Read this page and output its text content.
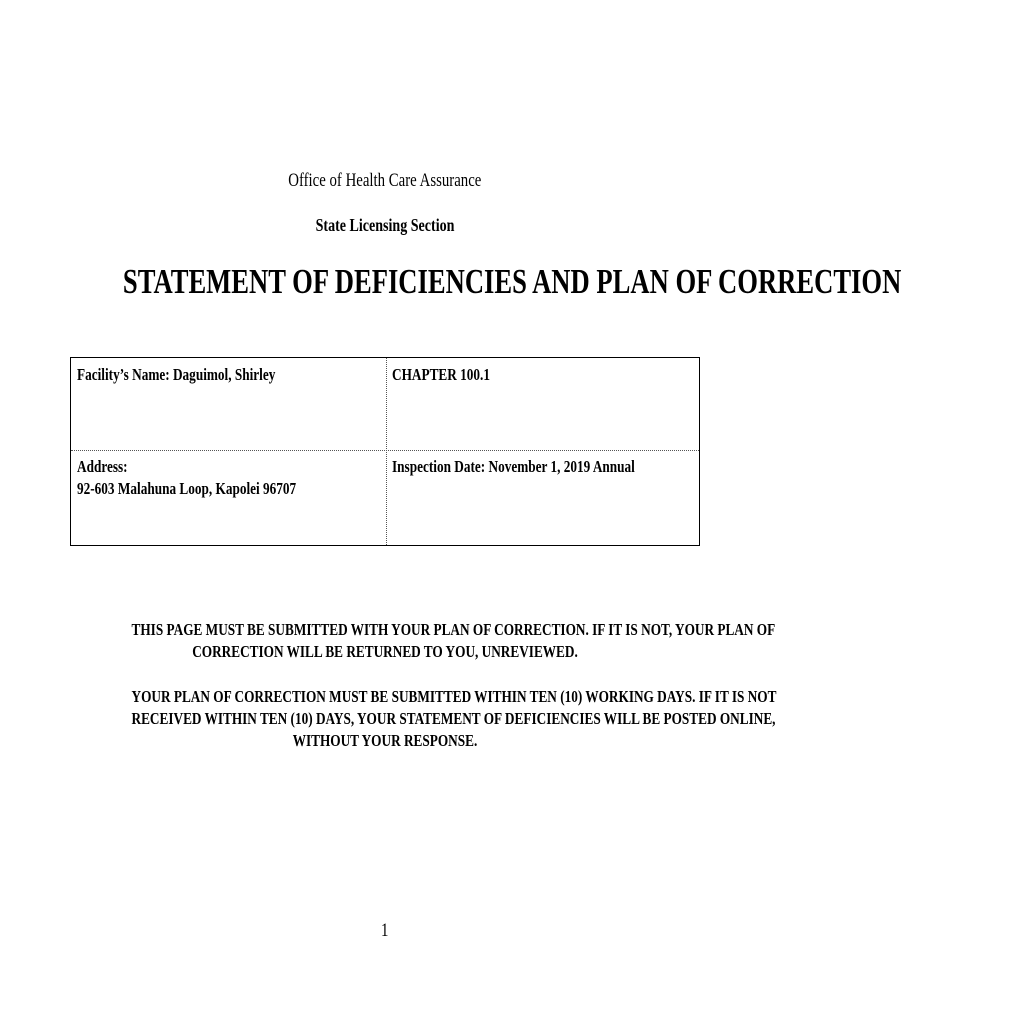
Office of Health Care Assurance
State Licensing Section
STATEMENT OF DEFICIENCIES AND PLAN OF CORRECTION
Facility’s Name: Daguimol, Shirley	CHAPTER 100.1
Address:
92-603 Malahuna Loop, Kapolei 96707
Inspection Date: November 1, 2019 Annual
THIS PAGE MUST BE SUBMITTED WITH YOUR PLAN OF CORRECTION. IF IT IS NOT, YOUR PLAN OF
CORRECTION WILL BE RETURNED TO YOU, UNREVIEWED.
YOUR PLAN OF CORRECTION MUST BE SUBMITTED WITHIN TEN (10) WORKING DAYS. IF IT IS NOT
RECEIVED WITHIN TEN (10) DAYS, YOUR STATEMENT OF DEFICIENCIES WILL BE POSTED ONLINE,
WITHOUT YOUR RESPONSE.
1
